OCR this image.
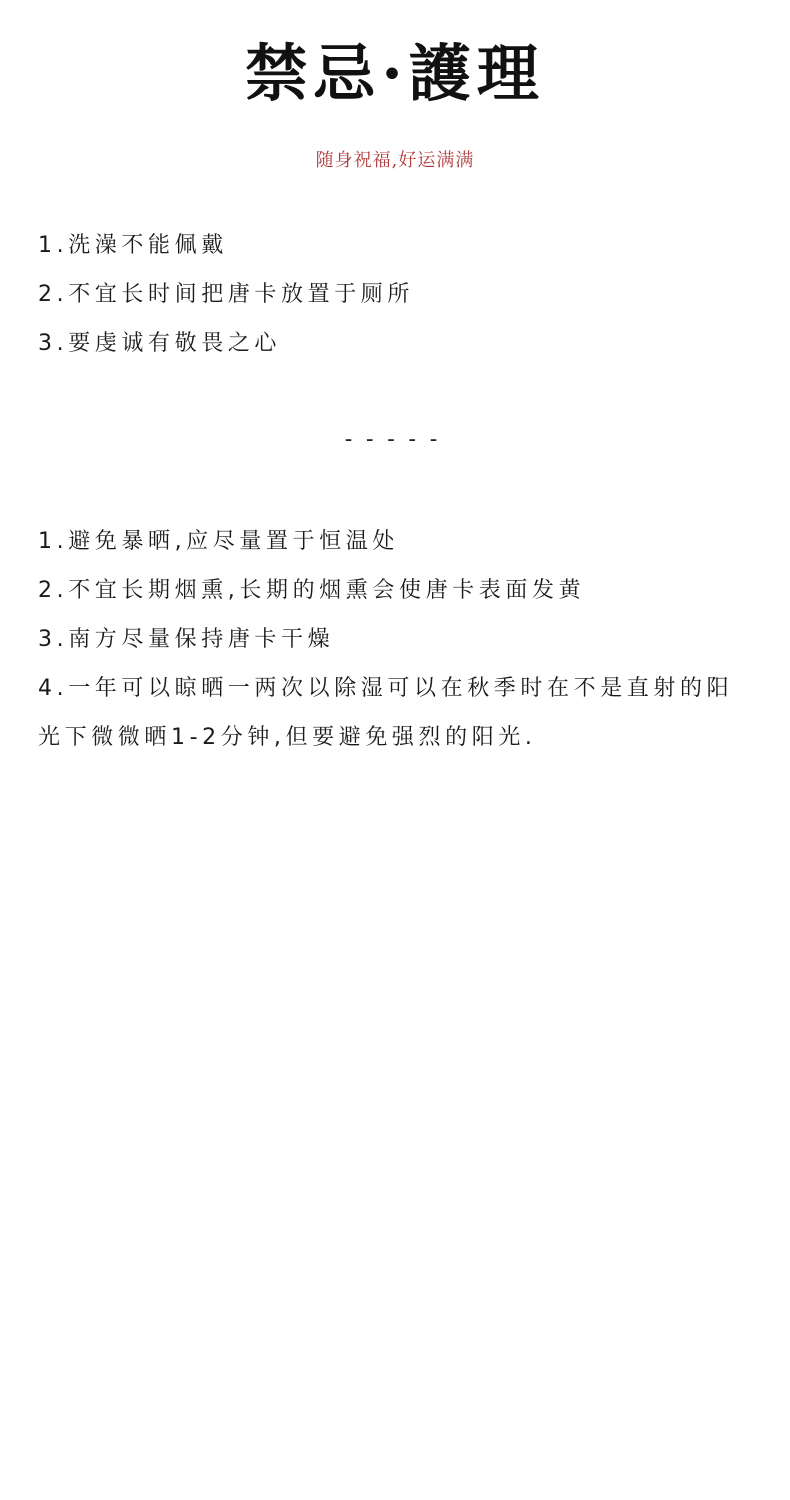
禁忌·護理
随身祝福,好运满满
1.洗澡不能佩戴
2.不宜长时间把唐卡放置于厕所
3.要虔诚有敬畏之心
-----
1.避免暴晒,应尽量置于恒温处
2.不宜长期烟熏,长期的烟熏会使唐卡表面发黄
3.南方尽量保持唐卡干燥
4.一年可以晾晒一两次以除湿可以在秋季时在不是直射的阳光下微微晒1-2分钟,但要避免强烈的阳光.
